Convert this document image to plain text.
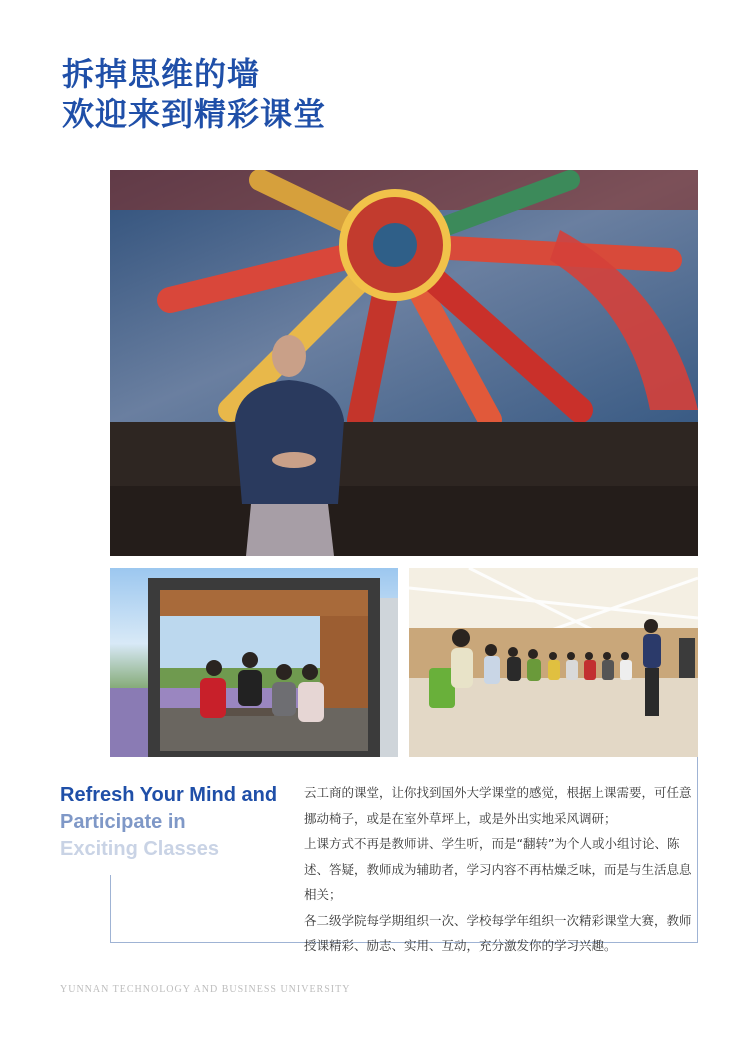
拆掉思维的墙
欢迎来到精彩课堂
Refresh Your Mind and
Participate in
Exciting Classes

云工商的课堂，让你找到国外大学课堂的感觉，根据上课需要，可任意挪动椅子，或是在室外草坪上，或是外出实地采风调研；

上课方式不再是教师讲、学生听，而是“翻转”为个人或小组讨论、陈述、答疑，教师成为辅助者，学习内容不再枯燥乏味，而是与生活息息相关；

各二级学院每学期组织一次、学校每学年组织一次精彩课堂大赛，教师授课精彩、励志、实用、互动，充分激发你的学习兴趣。

YUNNAN TECHNOLOGY AND BUSINESS UNIVERSITY
